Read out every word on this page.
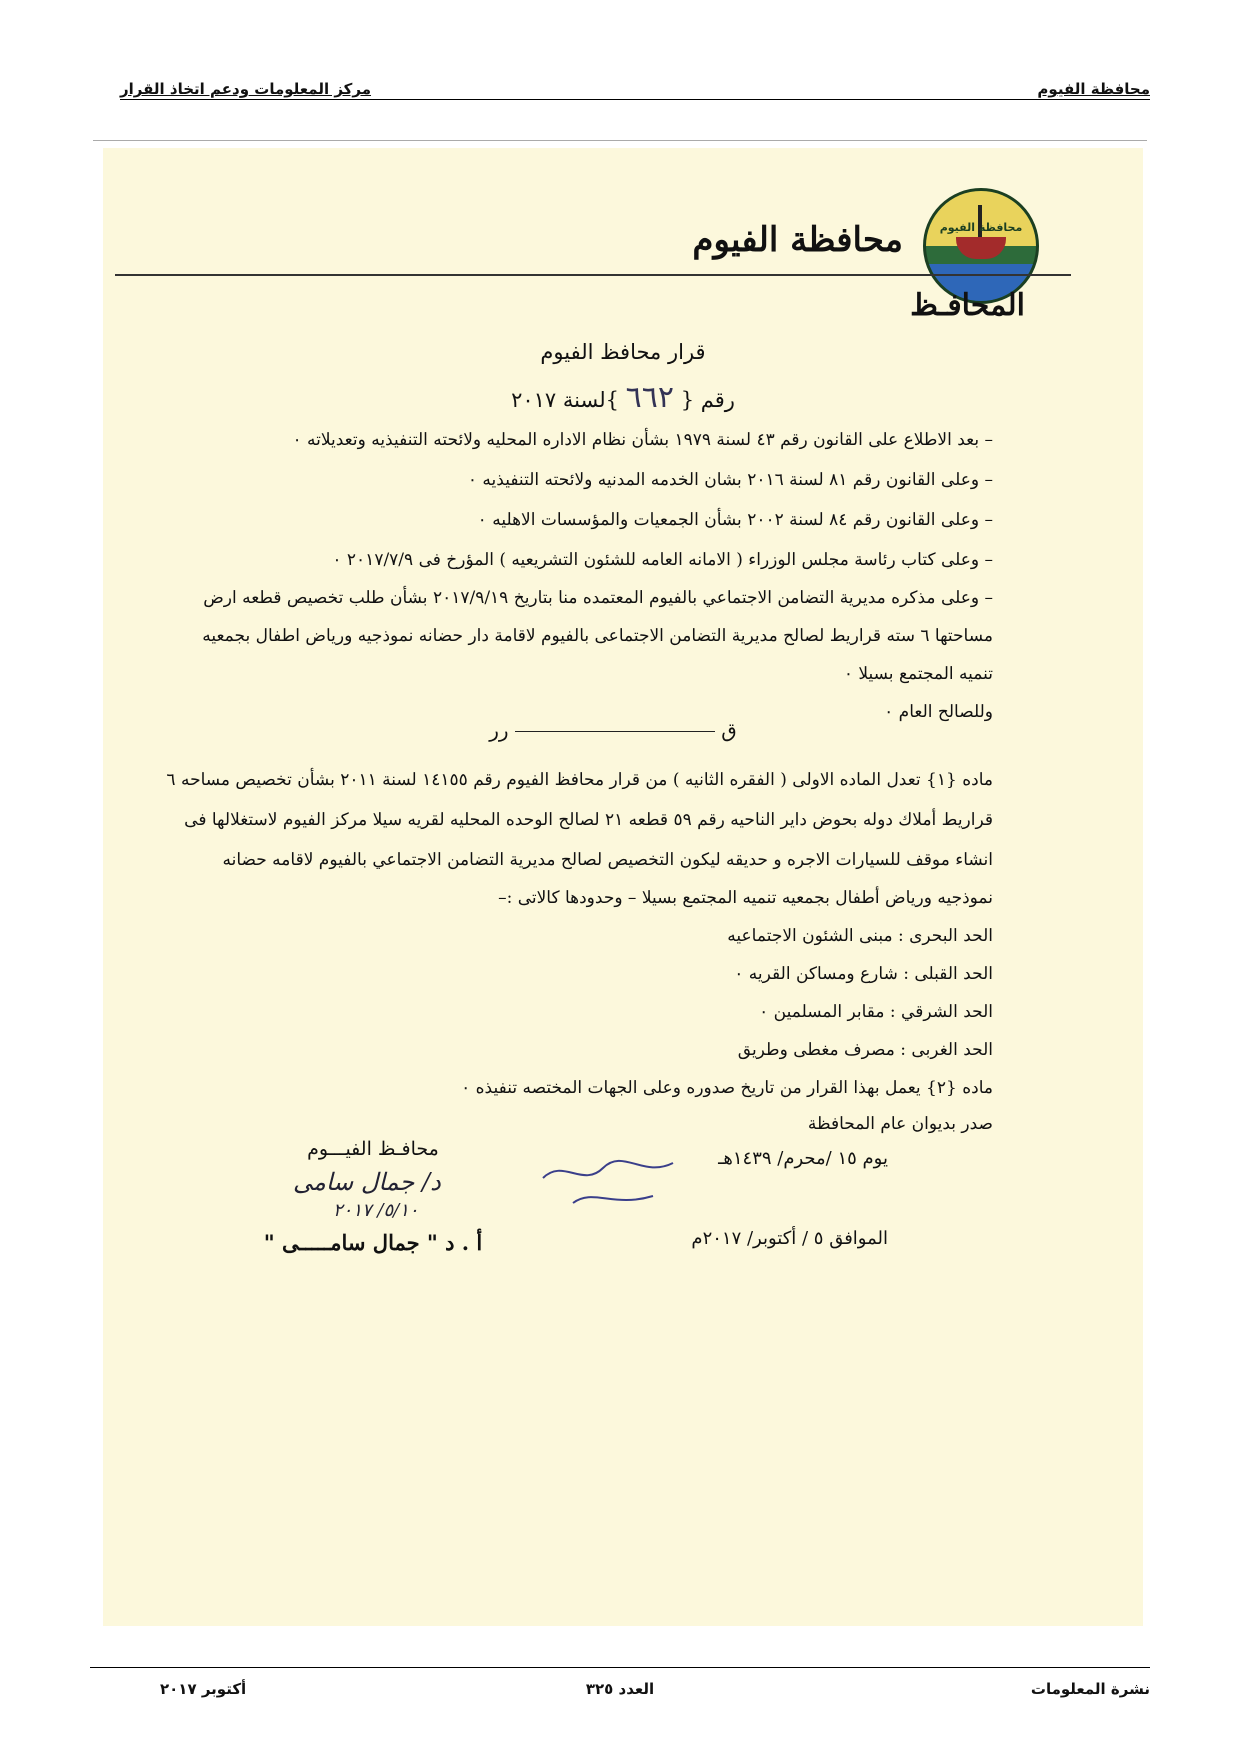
محافظة الفيوم
مركز المعلومات ودعم اتخاذ القرار
محافظة الفيوم
محافظة الفيوم
المحافـظ
قرار محافظ الفيوم
رقم { ٦٦٢ }لسنة ٢٠١٧
– بعد الاطلاع على القانون رقم ٤٣ لسنة ١٩٧٩ بشأن نظام الاداره المحليه ولائحته التنفيذيه وتعديلاته ٠
– وعلى القانون رقم ٨١ لسنة ٢٠١٦ بشان الخدمه المدنيه ولائحته التنفيذيه ٠
– وعلى القانون رقم ٨٤ لسنة ٢٠٠٢ بشأن الجمعيات والمؤسسات الاهليه ٠
– وعلى كتاب رئاسة مجلس الوزراء ( الامانه العامه للشئون التشريعيه ) المؤرخ فى ٢٠١٧/٧/٩ ٠
– وعلى مذكره مديرية التضامن الاجتماعي بالفيوم المعتمده منا بتاريخ ٢٠١٧/٩/١٩ بشأن طلب تخصيص قطعه ارض
مساحتها ٦ سته قراريط لصالح مديرية التضامن الاجتماعى بالفيوم لاقامة دار حضانه نموذجيه ورياض اطفال بجمعيه
تنميه المجتمع بسيلا ٠
وللصالح العام ٠
ق  رر
ماده {١} تعدل الماده الاولى ( الفقره الثانيه ) من قرار محافظ الفيوم رقم ١٤١٥٥ لسنة ٢٠١١ بشأن تخصيص مساحه ٦
قراريط أملاك دوله بحوض داير الناحيه رقم ٥٩ قطعه ٢١ لصالح الوحده المحليه لقريه سيلا مركز الفيوم لاستغلالها فى
انشاء موقف للسيارات الاجره و حديقه ليكون التخصيص لصالح مديرية التضامن الاجتماعي بالفيوم لاقامه حضانه
نموذجيه ورياض أطفال بجمعيه تنميه المجتمع بسيلا – وحدودها كالاتى :–
الحد البحرى : مبنى الشئون الاجتماعيه
الحد القبلى : شارع ومساكن القريه ٠
الحد الشرقي : مقابر المسلمين ٠
الحد الغربى : مصرف مغطى وطريق
ماده {٢} يعمل بهذا القرار من تاريخ صدوره وعلى الجهات المختصه تنفيذه ٠
صدر بديوان عام المحافظة
يوم ١٥ /محرم/ ١٤٣٩هـ
الموافق ٥ / أكتوبر/ ٢٠١٧م
محافـظ الفيـــوم
د/ جمال سامى
٥/١٠/ ٢٠١٧
أ . د " جمال سامـــــى "
نشرة المعلومات
العدد ٣٢٥
أكتوبر ٢٠١٧
